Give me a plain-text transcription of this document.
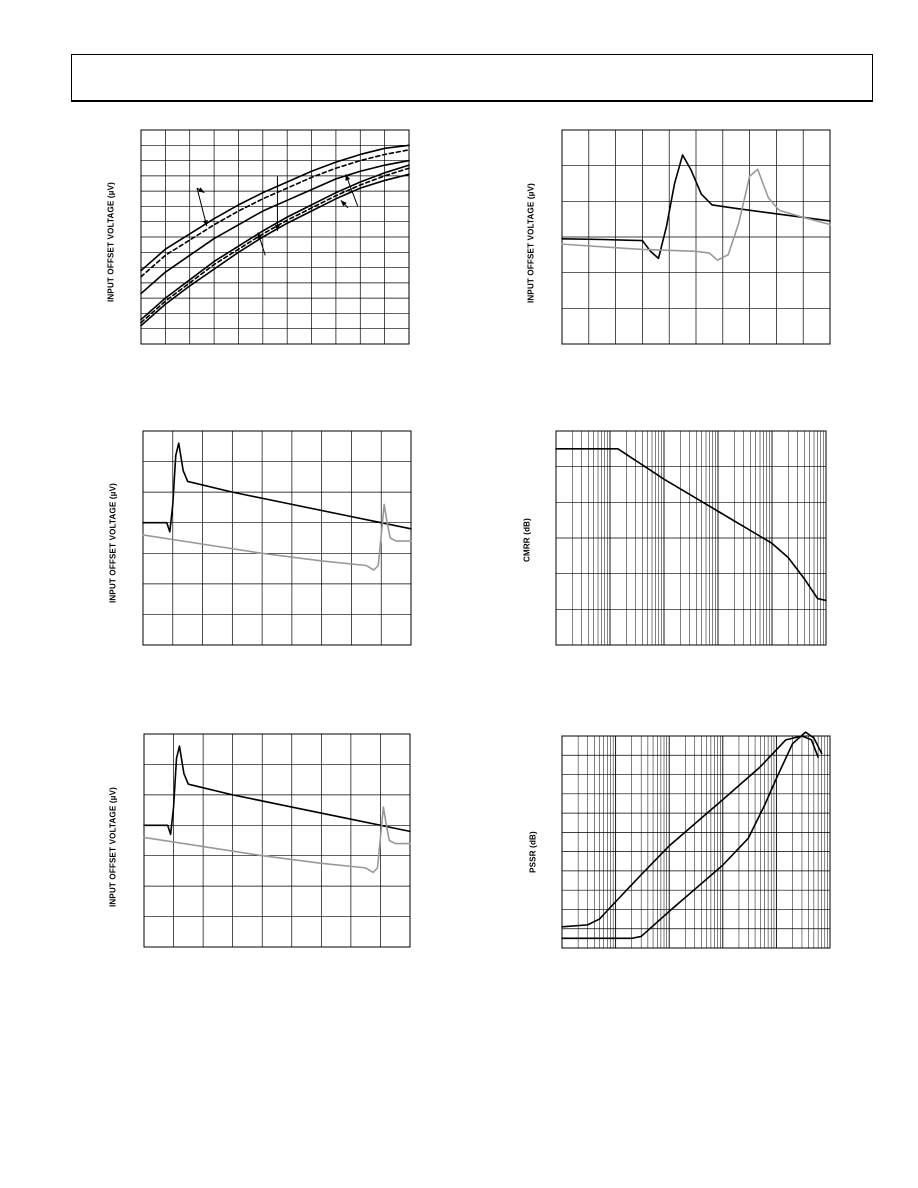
INPUT OFFSET VOLTAGE (µV)	INPUT OFFSET VOLTAGE (µV)
INPUT OFFSET VOLTAGE (µV)	CMRR (dB)
INPUT OFFSET VOLTAGE (µV)	PSSR (dB)
